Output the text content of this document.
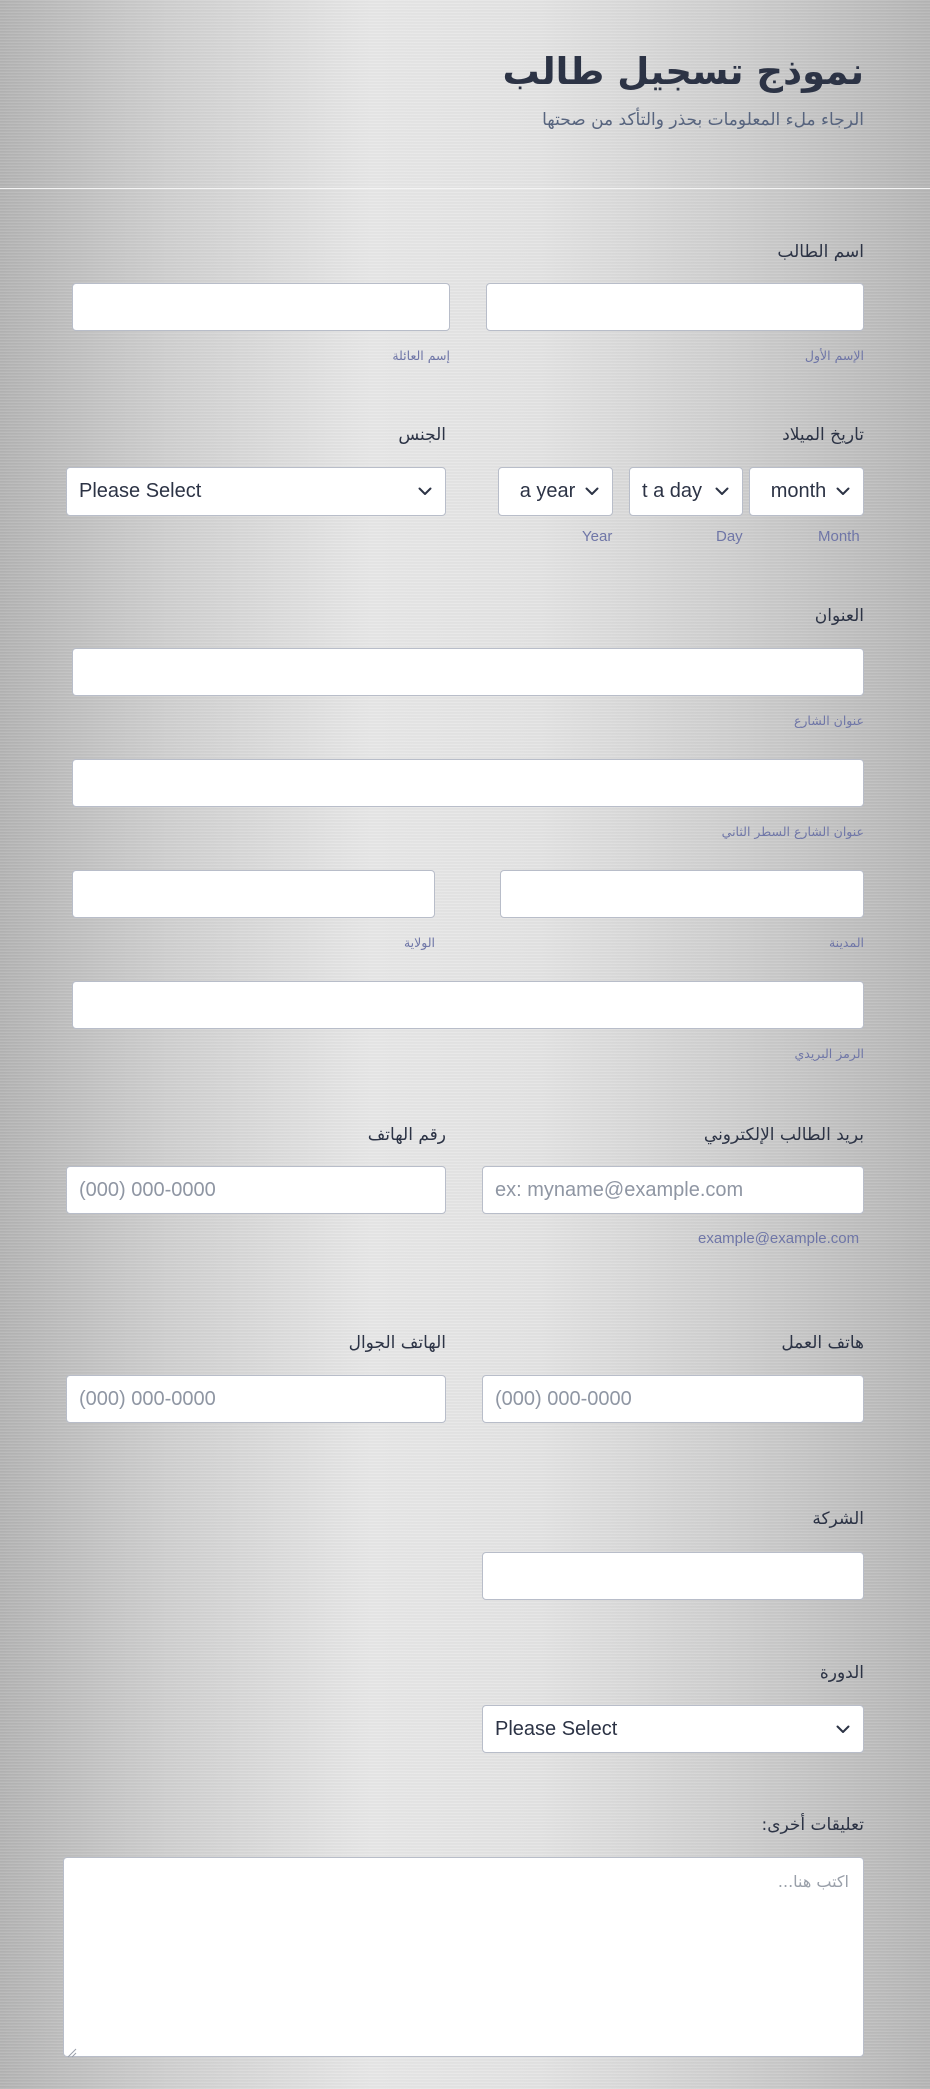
نموذج تسجيل طالب
الرجاء ملء المعلومات بحذر والتأكد من صحتها
اسم الطالب
الإسم الأول
إسم العائلة
تاريخ الميلاد
month
t a day
a year
Month
Day
Year
الجنس
Please Select
العنوان
عنوان الشارع
عنوان الشارع السطر الثاني
المدينة
الولاية
الرمز البريدي
بريد الطالب الإلكتروني
ex: myname@example.com
example@example.com
رقم الهاتف
(000) 000-0000
هاتف العمل
(000) 000-0000
الهاتف الجوال
(000) 000-0000
الشركة
الدورة
Please Select
تعليقات أخرى:
اكتب هنا...
